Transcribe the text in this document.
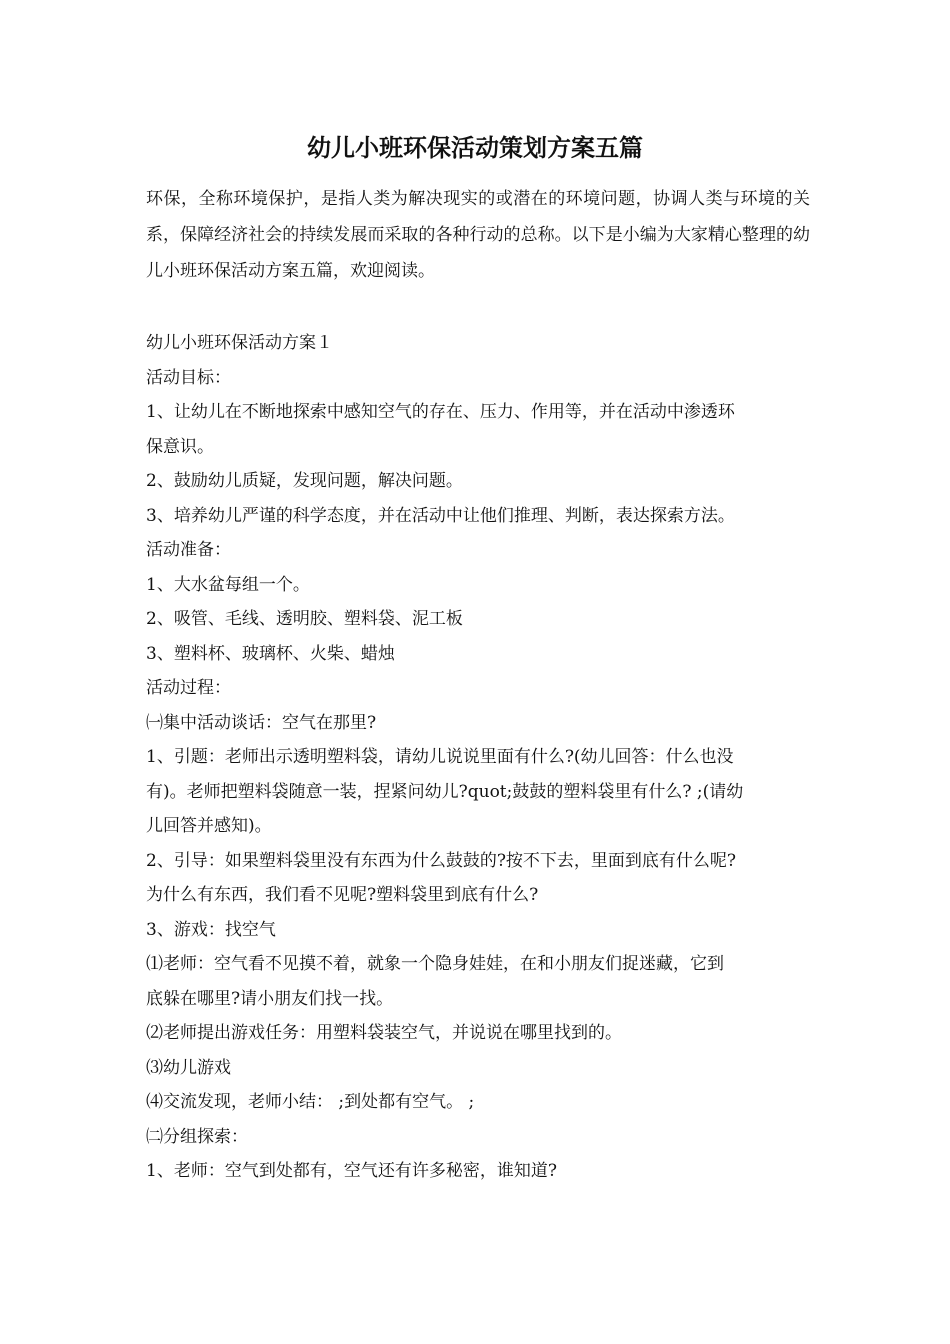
幼儿小班环保活动策划方案五篇

环保，全称环境保护，是指人类为解决现实的或潜在的环境问题，协调人类与环境的关系，保障经济社会的持续发展而采取的各种行动的总称。以下是小编为大家精心整理的幼儿小班环保活动方案五篇，欢迎阅读。

幼儿小班环保活动方案１

活动目标：

1、让幼儿在不断地探索中感知空气的存在、压力、作用等，并在活动中渗透环

保意识。

2、鼓励幼儿质疑，发现问题，解决问题。

3、培养幼儿严谨的科学态度，并在活动中让他们推理、判断，表达探索方法。

活动准备：

1、大水盆每组一个。

2、吸管、毛线、透明胶、塑料袋、泥工板

3、塑料杯、玻璃杯、火柴、蜡烛

活动过程：

㈠集中活动谈话：空气在那里?

1、引题：老师出示透明塑料袋，请幼儿说说里面有什么?(幼儿回答：什么也没

有)。老师把塑料袋随意一装，捏紧问幼儿?quot;鼓鼓的塑料袋里有什么? ;(请幼

儿回答并感知)。

2、引导：如果塑料袋里没有东西为什么鼓鼓的?按不下去，里面到底有什么呢?

为什么有东西，我们看不见呢?塑料袋里到底有什么?

3、游戏：找空气

⑴老师：空气看不见摸不着，就象一个隐身娃娃，在和小朋友们捉迷藏，它到

底躲在哪里?请小朋友们找一找。

⑵老师提出游戏任务：用塑料袋装空气，并说说在哪里找到的。

⑶幼儿游戏

⑷交流发现，老师小结： ;到处都有空气。 ;

㈡分组探索：

1、老师：空气到处都有，空气还有许多秘密，谁知道?
